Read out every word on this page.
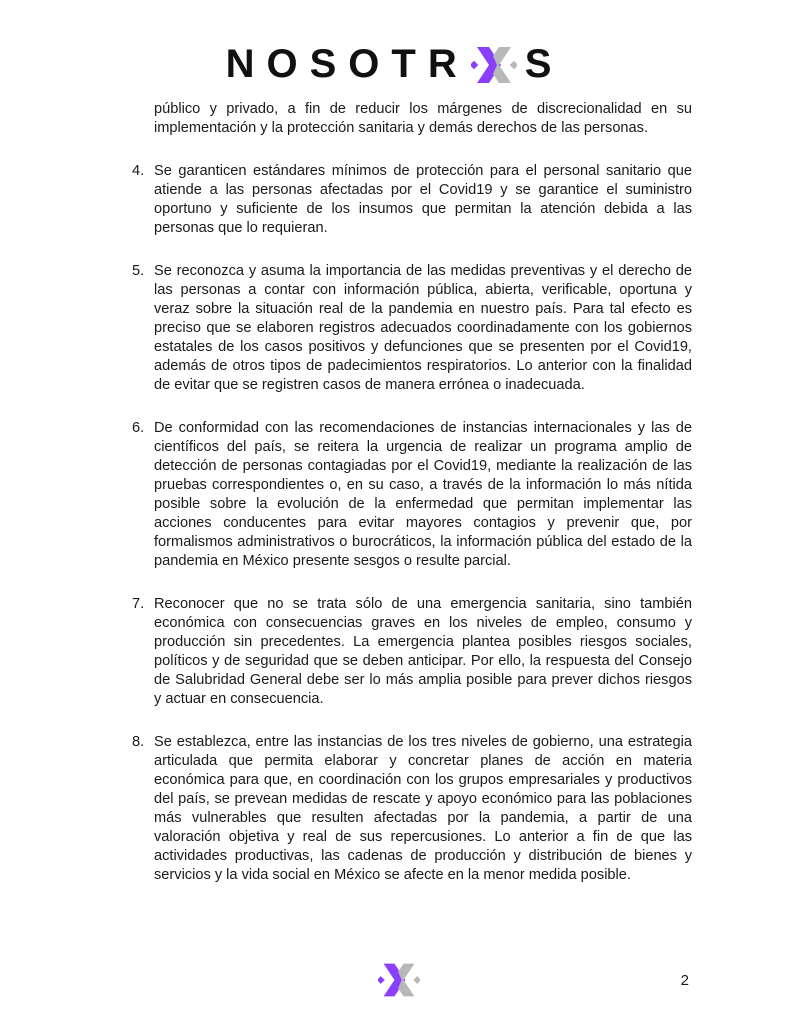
NOSOTR S

público y privado, a fin de reducir los márgenes de discrecionalidad en su implementación y la protección sanitaria y demás derechos de las personas.

4. Se garanticen estándares mínimos de protección para el personal sanitario que atiende a las personas afectadas por el Covid19 y se garantice el suministro oportuno y suficiente de los insumos que permitan la atención debida a las personas que lo requieran.
5. Se reconozca y asuma la importancia de las medidas preventivas y el derecho de las personas a contar con información pública, abierta, verificable, oportuna y veraz sobre la situación real de la pandemia en nuestro país. Para tal efecto es preciso que se elaboren registros adecuados coordinadamente con los gobiernos estatales de los casos positivos y defunciones que se presenten por el Covid19, además de otros tipos de padecimientos respiratorios. Lo anterior con la finalidad de evitar que se registren casos de manera errónea o inadecuada.
6. De conformidad con las recomendaciones de instancias internacionales y las de científicos del país, se reitera la urgencia de realizar un programa amplio de detección de personas contagiadas por el Covid19, mediante la realización de las pruebas correspondientes o, en su caso, a través de la información lo más nítida posible sobre la evolución de la enfermedad que permitan implementar las acciones conducentes para evitar mayores contagios y prevenir que, por formalismos administrativos o burocráticos, la información pública del estado de la pandemia en México presente sesgos o resulte parcial.
7. Reconocer que no se trata sólo de una emergencia sanitaria, sino también económica con consecuencias graves en los niveles de empleo, consumo y producción sin precedentes. La emergencia plantea posibles riesgos sociales, políticos y de seguridad que se deben anticipar. Por ello, la respuesta del Consejo de Salubridad General debe ser lo más amplia posible para prever dichos riesgos y actuar en consecuencia.
8. Se establezca, entre las instancias de los tres niveles de gobierno, una estrategia articulada que permita elaborar y concretar planes de acción en materia económica para que, en coordinación con los grupos empresariales y productivos del país, se prevean medidas de rescate y apoyo económico para las poblaciones más vulnerables que resulten afectadas por la pandemia, a partir de una valoración objetiva y real de sus repercusiones. Lo anterior a fin de que las actividades productivas, las cadenas de producción y distribución de bienes y servicios y la vida social en México se afecte en la menor medida posible.
2
